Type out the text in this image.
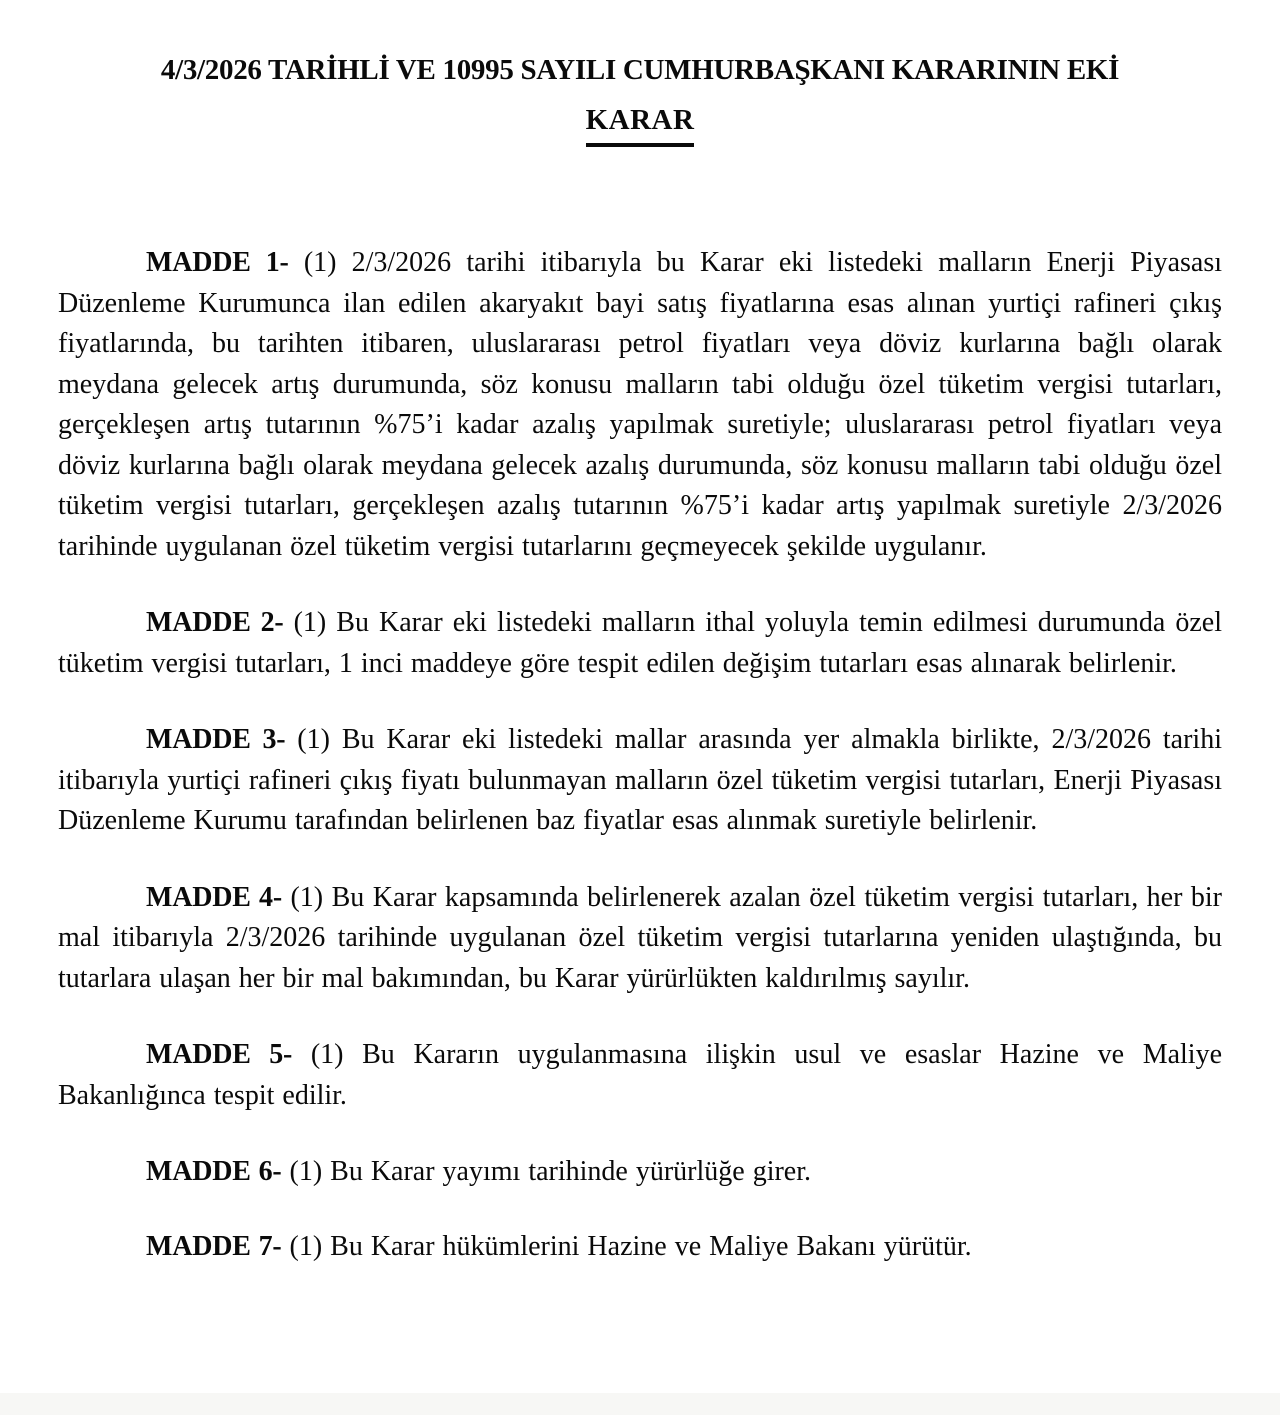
4/3/2026 TARİHLİ VE 10995 SAYILI CUMHURBAŞKANI KARARININ EKİ
KARAR

MADDE 1- (1) 2/3/2026 tarihi itibarıyla bu Karar eki listedeki malların Enerji Piyasası Düzenleme Kurumunca ilan edilen akaryakıt bayi satış fiyatlarına esas alınan yurtiçi rafineri çıkış fiyatlarında, bu tarihten itibaren, uluslararası petrol fiyatları veya döviz kurlarına bağlı olarak meydana gelecek artış durumunda, söz konusu malların tabi olduğu özel tüketim vergisi tutarları, gerçekleşen artış tutarının %75’i kadar azalış yapılmak suretiyle; uluslararası petrol fiyatları veya döviz kurlarına bağlı olarak meydana gelecek azalış durumunda, söz konusu malların tabi olduğu özel tüketim vergisi tutarları, gerçekleşen azalış tutarının %75’i kadar artış yapılmak suretiyle 2/3/2026 tarihinde uygulanan özel tüketim vergisi tutarlarını geçmeyecek şekilde uygulanır.

MADDE 2- (1) Bu Karar eki listedeki malların ithal yoluyla temin edilmesi durumunda özel tüketim vergisi tutarları, 1 inci maddeye göre tespit edilen değişim tutarları esas alınarak belirlenir.

MADDE 3- (1) Bu Karar eki listedeki mallar arasında yer almakla birlikte, 2/3/2026 tarihi itibarıyla yurtiçi rafineri çıkış fiyatı bulunmayan malların özel tüketim vergisi tutarları, Enerji Piyasası Düzenleme Kurumu tarafından belirlenen baz fiyatlar esas alınmak suretiyle belirlenir.

MADDE 4- (1) Bu Karar kapsamında belirlenerek azalan özel tüketim vergisi tutarları, her bir mal itibarıyla 2/3/2026 tarihinde uygulanan özel tüketim vergisi tutarlarına yeniden ulaştığında, bu tutarlara ulaşan her bir mal bakımından, bu Karar yürürlükten kaldırılmış sayılır.

MADDE 5- (1) Bu Kararın uygulanmasına ilişkin usul ve esaslar Hazine ve Maliye Bakanlığınca tespit edilir.

MADDE 6- (1) Bu Karar yayımı tarihinde yürürlüğe girer.

MADDE 7- (1) Bu Karar hükümlerini Hazine ve Maliye Bakanı yürütür.
